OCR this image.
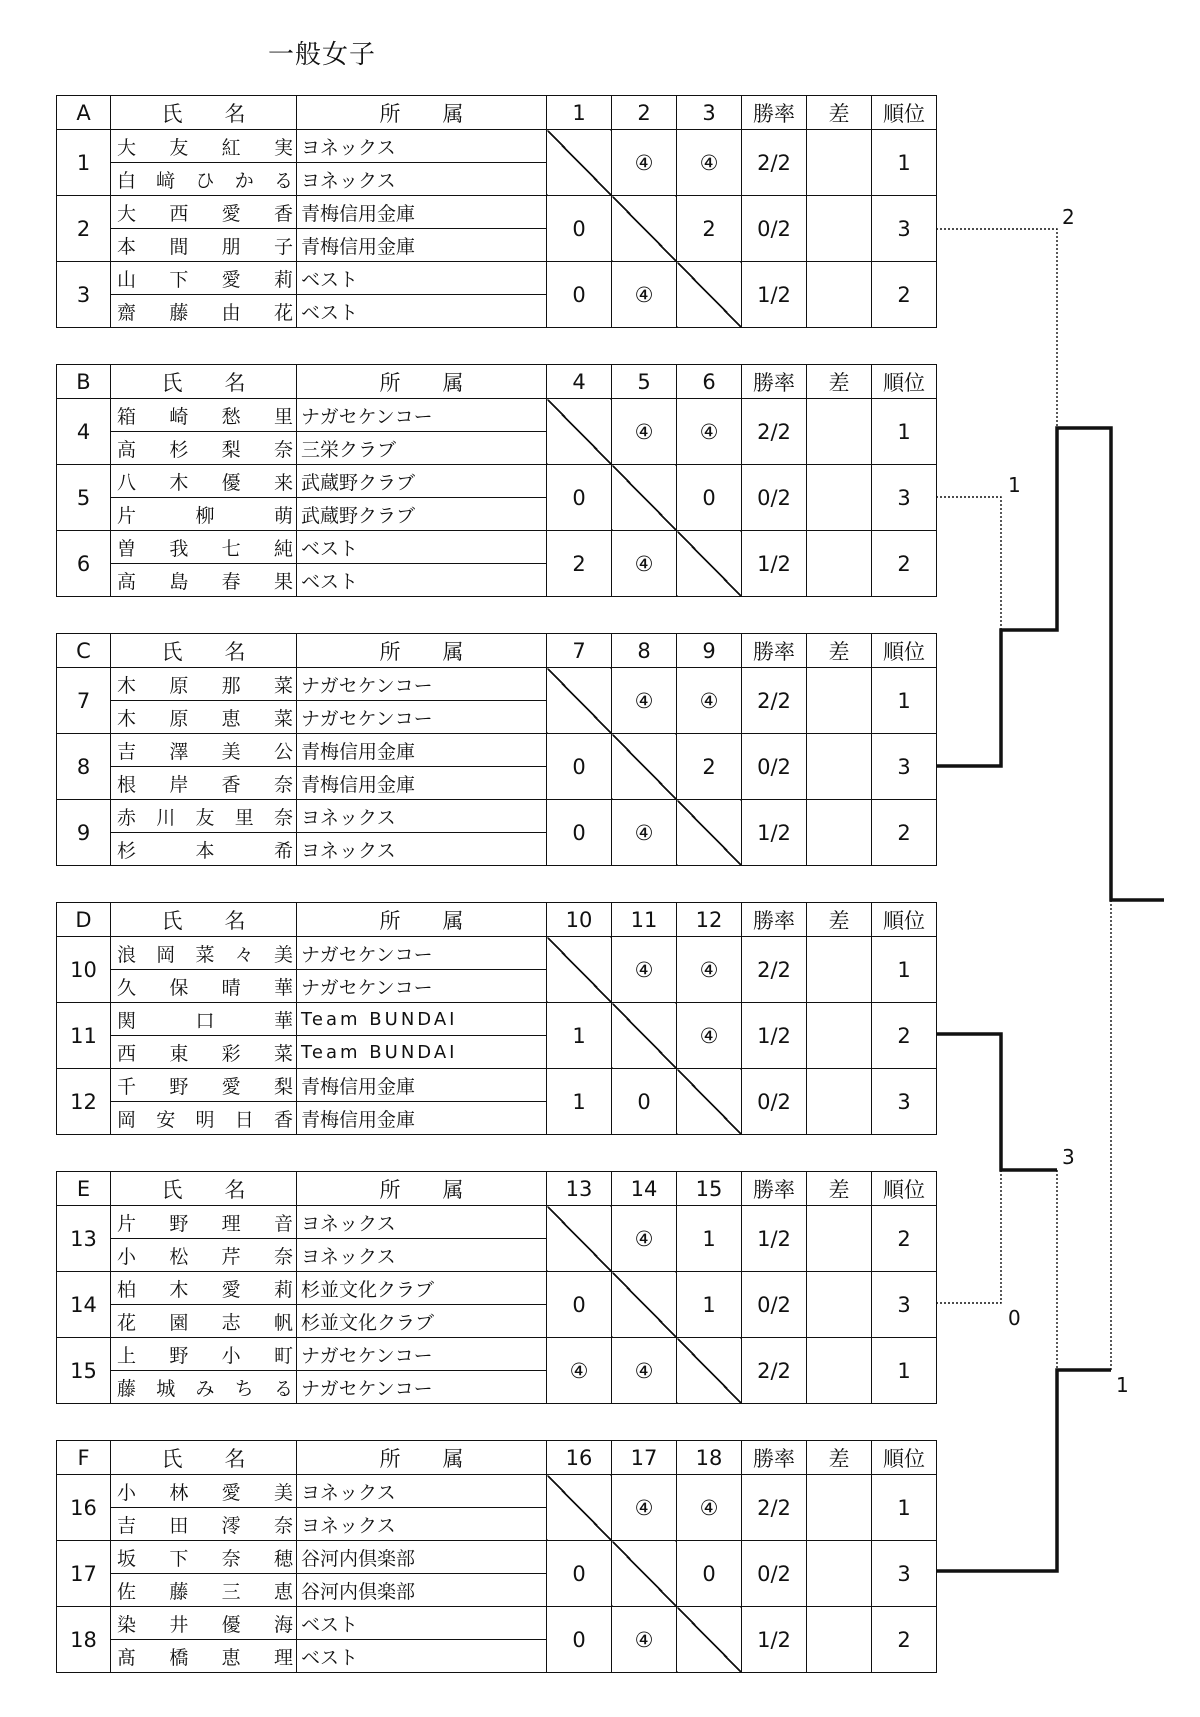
一般女子
A	氏　　名	所　　属	1	2	3	勝率	差	順位
1	大友紅実	ヨネックス		④	④	2/2		1
	白﨑ひかる	ヨネックス						
2	大西愛香	青梅信用金庫	0		2	0/2		3
	本間朋子	青梅信用金庫						
3	山下愛莉	ベスト	0	④		1/2		2
	齋藤由花	ベスト						
B	氏　　名	所　　属	4	5	6	勝率	差	順位
4	箱崎愁里	ナガセケンコー		④	④	2/2		1
	高杉梨奈	三栄クラブ						
5	八木優来	武蔵野クラブ	0		0	0/2		3
	片柳萌	武蔵野クラブ						
6	曽我七純	ベスト	2	④		1/2		2
	高島春果	ベスト						
C	氏　　名	所　　属	7	8	9	勝率	差	順位
7	木原那菜	ナガセケンコー		④	④	2/2		1
	木原恵菜	ナガセケンコー						
8	吉澤美公	青梅信用金庫	0		2	0/2		3
	根岸香奈	青梅信用金庫						
9	赤川友里奈	ヨネックス	0	④		1/2		2
	杉本希	ヨネックス						
D	氏　　名	所　　属	10	11	12	勝率	差	順位
10	浪岡菜々美	ナガセケンコー		④	④	2/2		1
	久保晴華	ナガセケンコー						
11	関口華	Team BUNDAI	1		④	1/2		2
	西東彩菜	Team BUNDAI						
12	千野愛梨	青梅信用金庫	1	0		0/2		3
	岡安明日香	青梅信用金庫						
E	氏　　名	所　　属	13	14	15	勝率	差	順位
13	片野理音	ヨネックス		④	1	1/2		2
	小松芹奈	ヨネックス						
14	柏木愛莉	杉並文化クラブ	0		1	0/2		3
	花園志帆	杉並文化クラブ						
15	上野小町	ナガセケンコー	④	④		2/2		1
	藤城みちる	ナガセケンコー						
F	氏　　名	所　　属	16	17	18	勝率	差	順位
16	小林愛美	ヨネックス		④	④	2/2		1
	吉田澪奈	ヨネックス						
17	坂下奈穂	谷河内倶楽部	0		0	0/2		3
	佐藤三恵	谷河内倶楽部						
18	染井優海	ベスト	0	④		1/2		2
	髙橋恵理	ベスト						
2
1
3
0
1
